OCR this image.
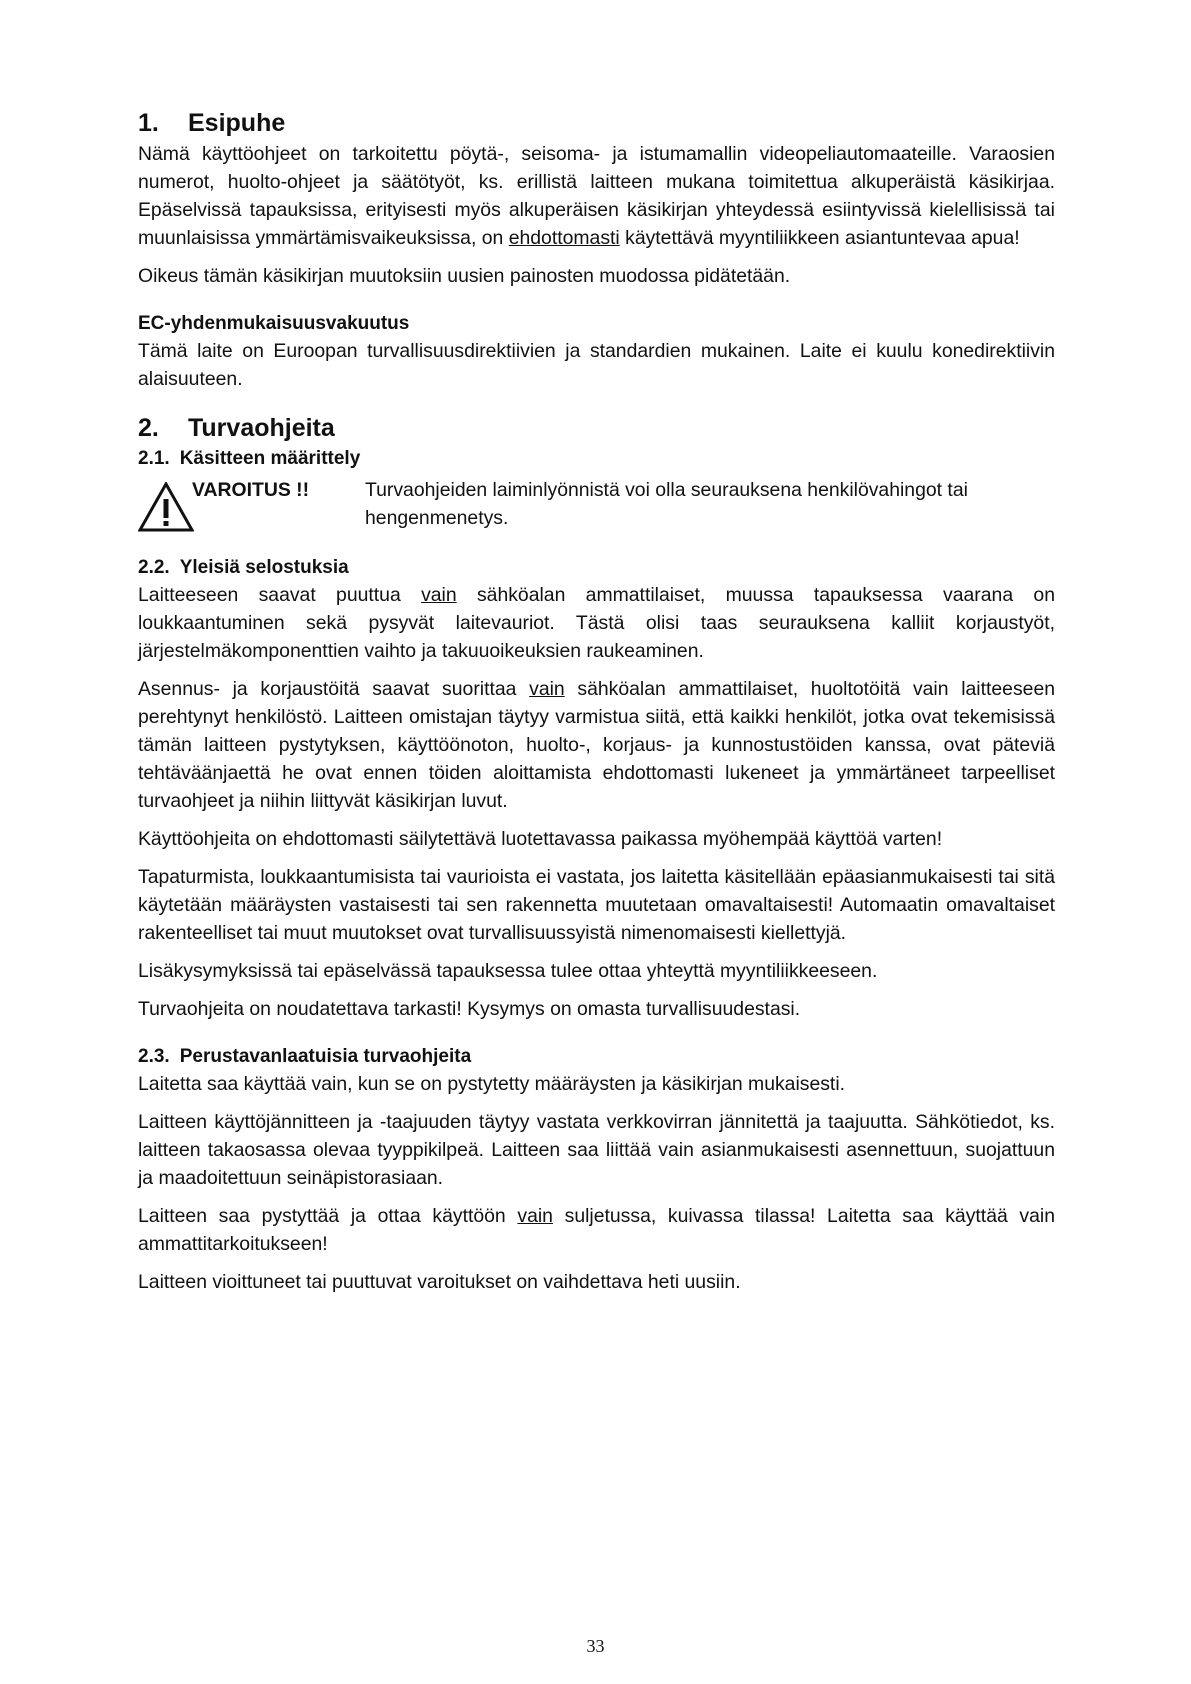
1. Esipuhe

Nämä käyttöohjeet on tarkoitettu pöytä-, seisoma- ja istumamallin videopeliautomaateille. Varaosien numerot, huolto-ohjeet ja säätötyöt, ks. erillistä laitteen mukana toimitettua alkuperäistä käsikirjaa. Epäselvissä tapauksissa, erityisesti myös alkuperäisen käsikirjan yhteydessä esiintyvissä kielellisissä tai muunlaisissa ymmärtämisvaikeuksissa, on ehdottomasti käytettävä myyntiliikkeen asiantuntevaa apua!

Oikeus tämän käsikirjan muutoksiin uusien painosten muodossa pidätetään.

EC-yhdenmukaisuusvakuutus

Tämä laite on Euroopan turvallisuusdirektiivien ja standardien mukainen. Laite ei kuulu konedirektiivin alaisuuteen.

2. Turvaohjeita
2.1. Käsitteen määrittely
VAROITUS !!	Turvaohjeiden laiminlyönnistä voi olla seurauksena henkilövahingot tai hengenmenetys.
2.2. Yleisiä selostuksia

Laitteeseen saavat puuttua vain sähköalan ammattilaiset, muussa tapauksessa vaarana on loukkaantuminen sekä pysyvät laitevauriot. Tästä olisi taas seurauksena kalliit korjaustyöt, järjestelmäkomponenttien vaihto ja takuuoikeuksien raukeaminen.

Asennus- ja korjaustöitä saavat suorittaa vain sähköalan ammattilaiset, huoltotöitä vain laitteeseen perehtynyt henkilöstö. Laitteen omistajan täytyy varmistua siitä, että kaikki henkilöt, jotka ovat tekemisissä tämän laitteen pystytyksen, käyttöönoton, huolto-, korjaus- ja kunnostustöiden kanssa, ovat päteviä tehtäväänjaettä he ovat ennen töiden aloittamista ehdottomasti lukeneet ja ymmärtäneet tarpeelliset turvaohjeet ja niihin liittyvät käsikirjan luvut.

Käyttöohjeita on ehdottomasti säilytettävä luotettavassa paikassa myöhempää käyttöä varten!

Tapaturmista, loukkaantumisista tai vaurioista ei vastata, jos laitetta käsitellään epäasianmukaisesti tai sitä käytetään määräysten vastaisesti tai sen rakennetta muutetaan omavaltaisesti! Automaatin omavaltaiset rakenteelliset tai muut muutokset ovat turvallisuussyistä nimenomaisesti kiellettyjä.

Lisäkysymyksissä tai epäselvässä tapauksessa tulee ottaa yhteyttä myyntiliikkeeseen.

Turvaohjeita on noudatettava tarkasti! Kysymys on omasta turvallisuudestasi.

2.3. Perustavanlaatuisia turvaohjeita

Laitetta saa käyttää vain, kun se on pystytetty määräysten ja käsikirjan mukaisesti.

Laitteen käyttöjännitteen ja -taajuuden täytyy vastata verkkovirran jännitettä ja taajuutta. Sähkötiedot, ks. laitteen takaosassa olevaa tyyppikilpeä. Laitteen saa liittää vain asianmukaisesti asennettuun, suojattuun ja maadoitettuun seinäpistorasiaan.

Laitteen saa pystyttää ja ottaa käyttöön vain suljetussa, kuivassa tilassa! Laitetta saa käyttää vain ammattitarkoitukseen!

Laitteen vioittuneet tai puuttuvat varoitukset on vaihdettava heti uusiin.

33
